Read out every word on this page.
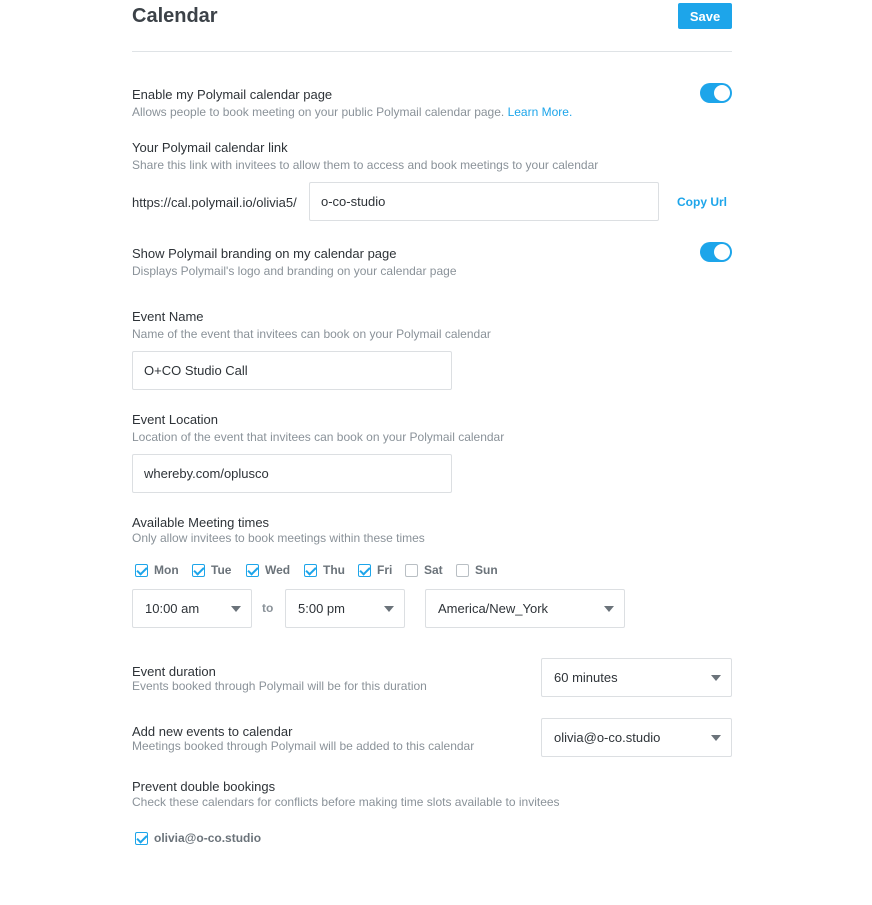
Calendar	Save
Enable my Polymail calendar page
Allows people to book meeting on your public Polymail calendar page. Learn More.
Your Polymail calendar link
Share this link with invitees to allow them to access and book meetings to your calendar
https://cal.polymail.io/olivia5/
o-co-studio	Copy Url
Show Polymail branding on my calendar page
Displays Polymail's logo and branding on your calendar page
Event Name
Name of the event that invitees can book on your Polymail calendar
O+CO Studio Call
Event Location
Location of the event that invitees can book on your Polymail calendar
whereby.com/oplusco
Available Meeting times
Only allow invitees to book meetings within these times
Mon	Tue	Wed	Thu	Fri	Sat	Sun
10:00 am	to	5:00 pm	America/New_York
Event duration
Events booked through Polymail will be for this duration
60 minutes
Add new events to calendar
Meetings booked through Polymail will be added to this calendar
olivia@o-co.studio
Prevent double bookings
Check these calendars for conflicts before making time slots available to invitees
olivia@o-co.studio
